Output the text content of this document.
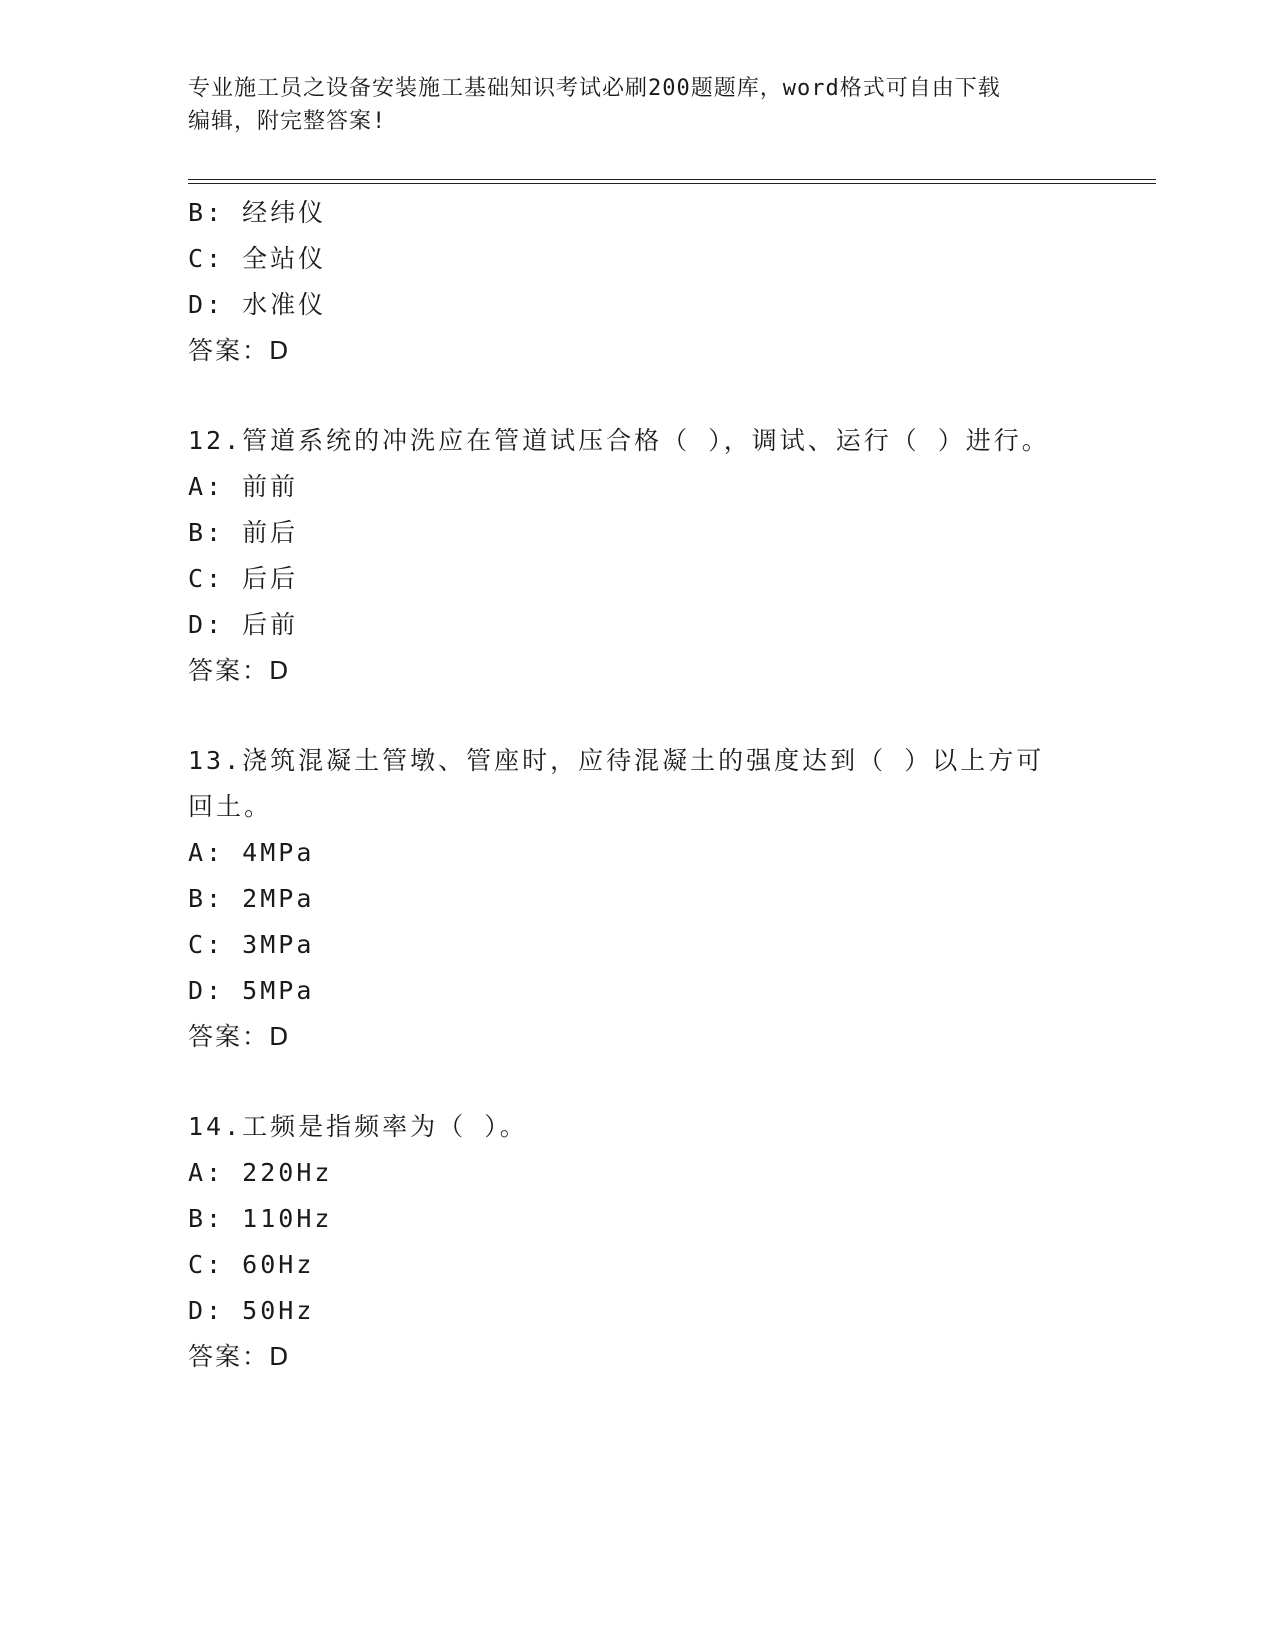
专业施工员之设备安装施工基础知识考试必刷200题题库，word格式可自由下载
编辑，附完整答案!
B: 经纬仪
C: 全站仪
D: 水准仪
答案：D
12.管道系统的冲洗应在管道试压合格（ ），调试、运行（ ）进行。
A: 前前
B: 前后
C: 后后
D: 后前
答案：D
13.浇筑混凝土管墩、管座时，应待混凝土的强度达到（ ）以上方可
回土。
A: 4MPa
B: 2MPa
C: 3MPa
D: 5MPa
答案：D
14.工频是指频率为（ ）。
A: 220Hz
B: 110Hz
C: 60Hz
D: 50Hz
答案：D
